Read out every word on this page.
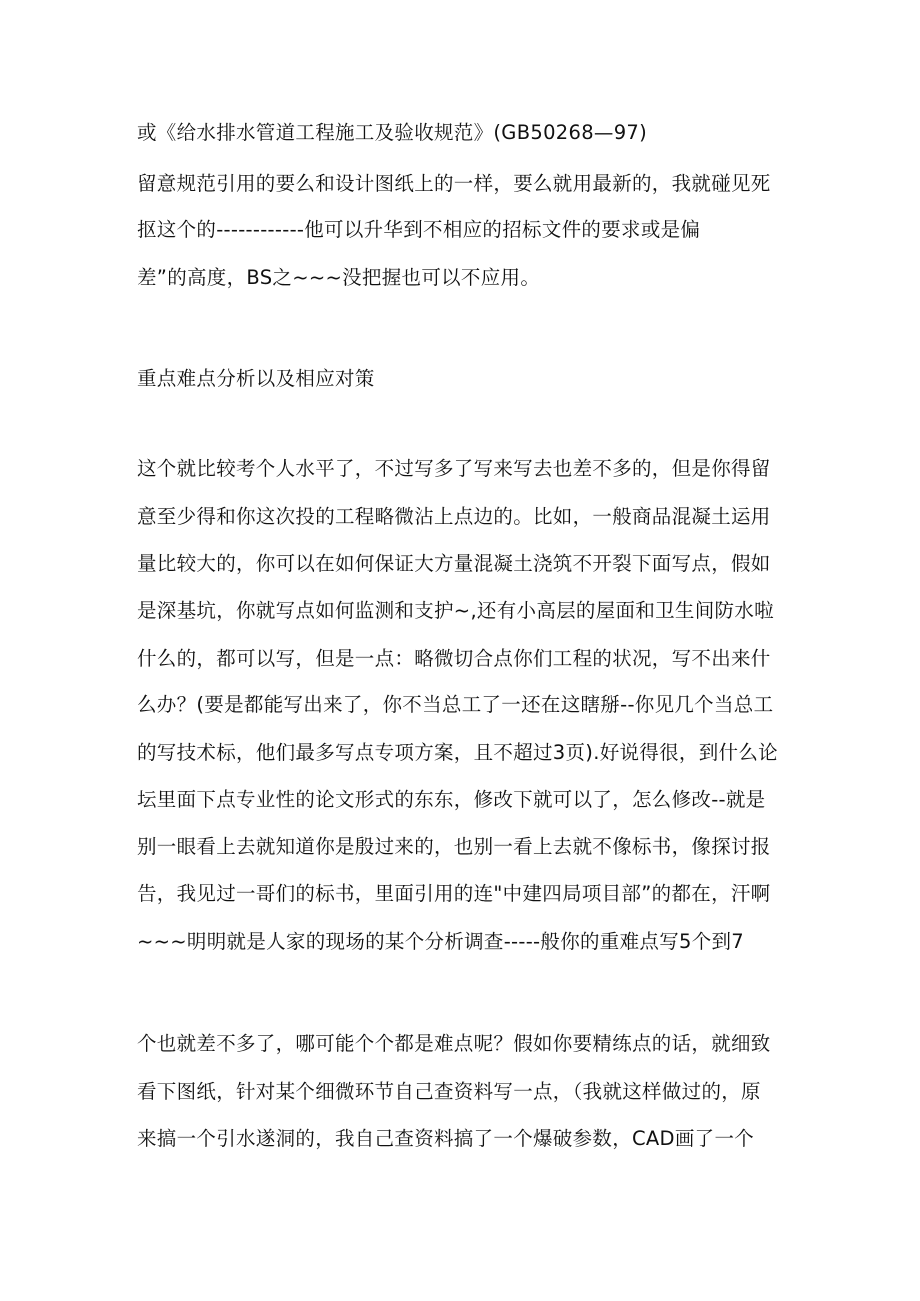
或《给水排水管道工程施工及验收规范》(GB50268—97)

留意规范引用的要么和设计图纸上的一样，要么就用最新的，我就碰见死

抠这个的------------他可以升华到不相应的招标文件的要求或是偏

差”的高度，BS之~~~没把握也可以不应用。

重点难点分析以及相应对策

这个就比较考个人水平了，不过写多了写来写去也差不多的，但是你得留

意至少得和你这次投的工程略微沾上点边的。比如，一般商品混凝土运用

量比较大的，你可以在如何保证大方量混凝土浇筑不开裂下面写点，假如

是深基坑，你就写点如何监测和支护~,还有小高层的屋面和卫生间防水啦

什么的，都可以写，但是一点：略微切合点你们工程的状况，写不出来什

么办？(要是都能写出来了，你不当总工了一还在这瞎掰--你见几个当总工

的写技术标，他们最多写点专项方案，且不超过3页).好说得很，到什么论

坛里面下点专业性的论文形式的东东，修改下就可以了，怎么修改--就是

别一眼看上去就知道你是殷过来的，也别一看上去就不像标书，像探讨报

告，我见过一哥们的标书，里面引用的连"中建四局项目部”的都在，汗啊

~~~明明就是人家的现场的某个分析调查-----般你的重难点写5个到7

个也就差不多了，哪可能个个都是难点呢？假如你要精练点的话，就细致

看下图纸，针对某个细微环节自己查资料写一点，（我就这样做过的，原

来搞一个引水遂洞的，我自己查资料搞了一个爆破参数，CAD画了一个
